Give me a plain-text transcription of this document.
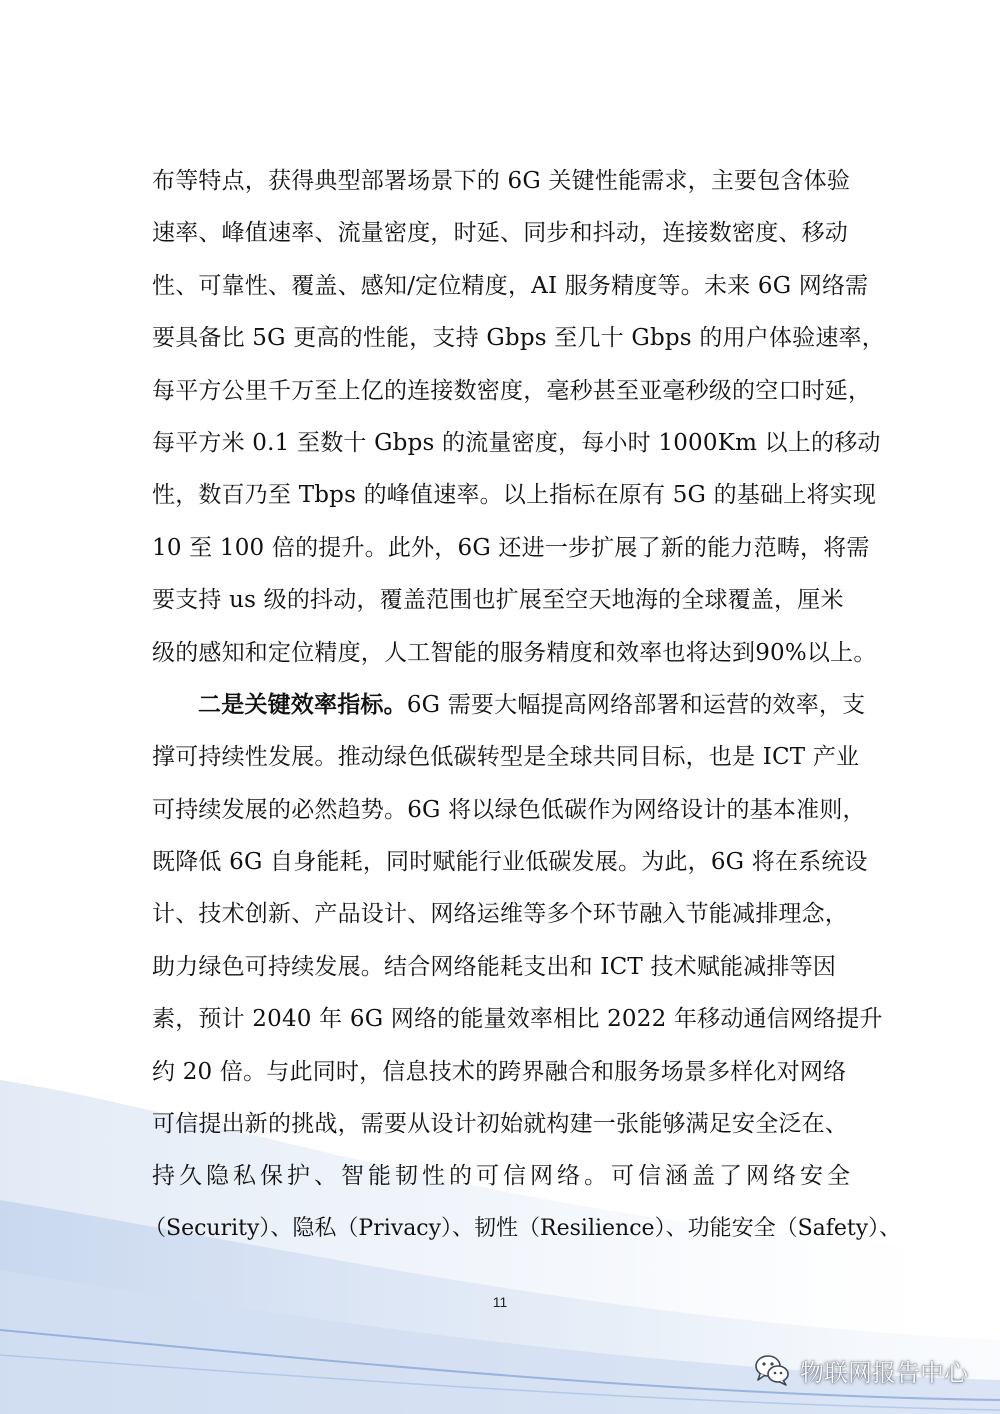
布等特点，获得典型部署场景下的 6G 关键性能需求，主要包含体验
速率、峰值速率、流量密度，时延、同步和抖动，连接数密度、移动
性、可靠性、覆盖、感知/定位精度，AI 服务精度等。未来 6G 网络需
要具备比 5G 更高的性能，支持 Gbps 至几十 Gbps 的用户体验速率，
每平方公里千万至上亿的连接数密度，毫秒甚至亚毫秒级的空口时延，
每平方米 0.1 至数十 Gbps 的流量密度，每小时 1000Km 以上的移动
性，数百乃至 Tbps 的峰值速率。以上指标在原有 5G 的基础上将实现
10 至 100 倍的提升。此外，6G 还进一步扩展了新的能力范畴，将需
要支持 us 级的抖动，覆盖范围也扩展至空天地海的全球覆盖，厘米
级的感知和定位精度，人工智能的服务精度和效率也将达到90%以上。
二是关键效率指标。6G 需要大幅提高网络部署和运营的效率，支
撑可持续性发展。推动绿色低碳转型是全球共同目标，也是 ICT 产业
可持续发展的必然趋势。6G 将以绿色低碳作为网络设计的基本准则，
既降低 6G 自身能耗，同时赋能行业低碳发展。为此，6G 将在系统设
计、技术创新、产品设计、网络运维等多个环节融入节能减排理念，
助力绿色可持续发展。结合网络能耗支出和 ICT 技术赋能减排等因
素，预计 2040 年 6G 网络的能量效率相比 2022 年移动通信网络提升
约 20 倍。与此同时，信息技术的跨界融合和服务场景多样化对网络
可信提出新的挑战，需要从设计初始就构建一张能够满足安全泛在、
持久隐私保护、智能韧性的可信网络。可信涵盖了网络安全
（Security）、隐私（Privacy）、韧性（Resilience）、功能安全（Safety）、
11
物联网报告中心
